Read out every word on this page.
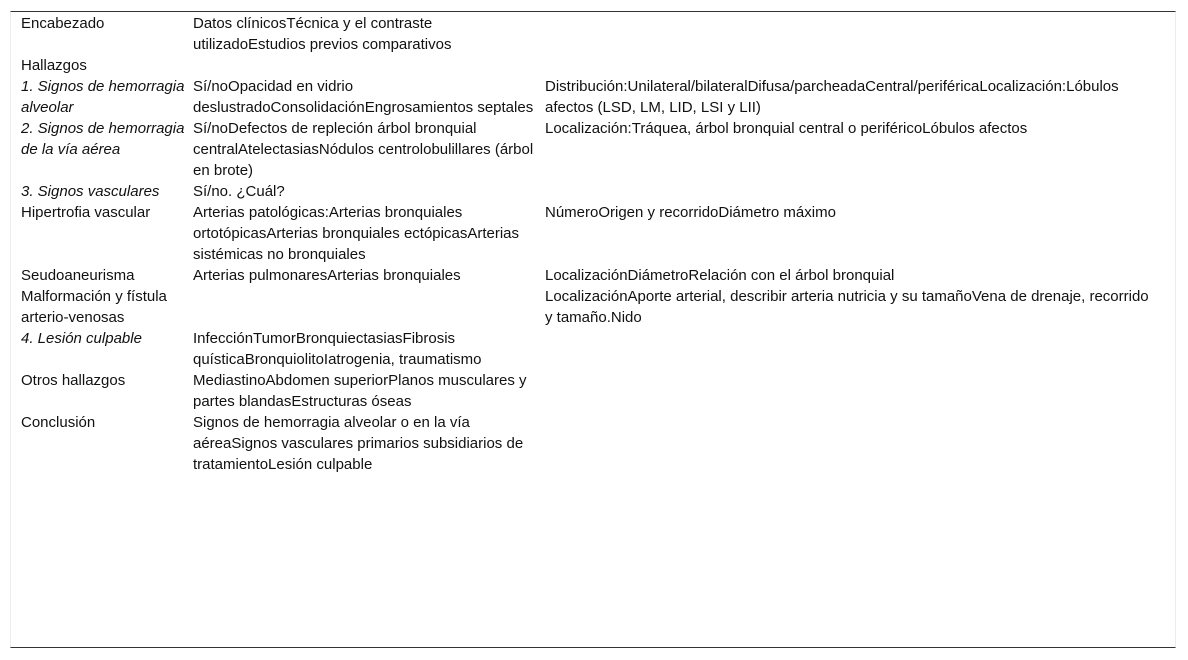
Encabezado	Datos clínicosTécnica y el contraste utilizadoEstudios previos comparativos	
Hallazgos		
1. Signos de hemorragia alveolar	Sí/noOpacidad en vidrio deslustradoConsolidaciónEngrosamientos septales	Distribución:Unilateral/bilateralDifusa/parcheadaCentral/periféricaLocalización:Lóbulos afectos (LSD, LM, LID, LSI y LII)
2. Signos de hemorragia de la vía aérea	Sí/noDefectos de repleción árbol bronquial centralAtelectasiasNódulos centrolobulillares (árbol en brote)	Localización:Tráquea, árbol bronquial central o periféricoLóbulos afectos
3. Signos vasculares	Sí/no. ¿Cuál?	
Hipertrofia vascular	Arterias patológicas:Arterias bronquiales ortotópicasArterias bronquiales ectópicasArterias sistémicas no bronquiales	NúmeroOrigen y recorridoDiámetro máximo
Seudoaneurisma	Arterias pulmonaresArterias bronquiales	LocalizaciónDiámetroRelación con el árbol bronquial
Malformación y fístula arterio-venosas		LocalizaciónAporte arterial, describir arteria nutricia y su tamañoVena de drenaje, recorrido y tamaño.Nido
4. Lesión culpable	InfecciónTumorBronquiectasiasFibrosis quísticaBronquiolitoIatrogenia, traumatismo	
Otros hallazgos	MediastinoAbdomen superiorPlanos musculares y partes blandasEstructuras óseas	
Conclusión	Signos de hemorragia alveolar o en la vía aéreaSignos vasculares primarios subsidiarios de tratamientoLesión culpable	
